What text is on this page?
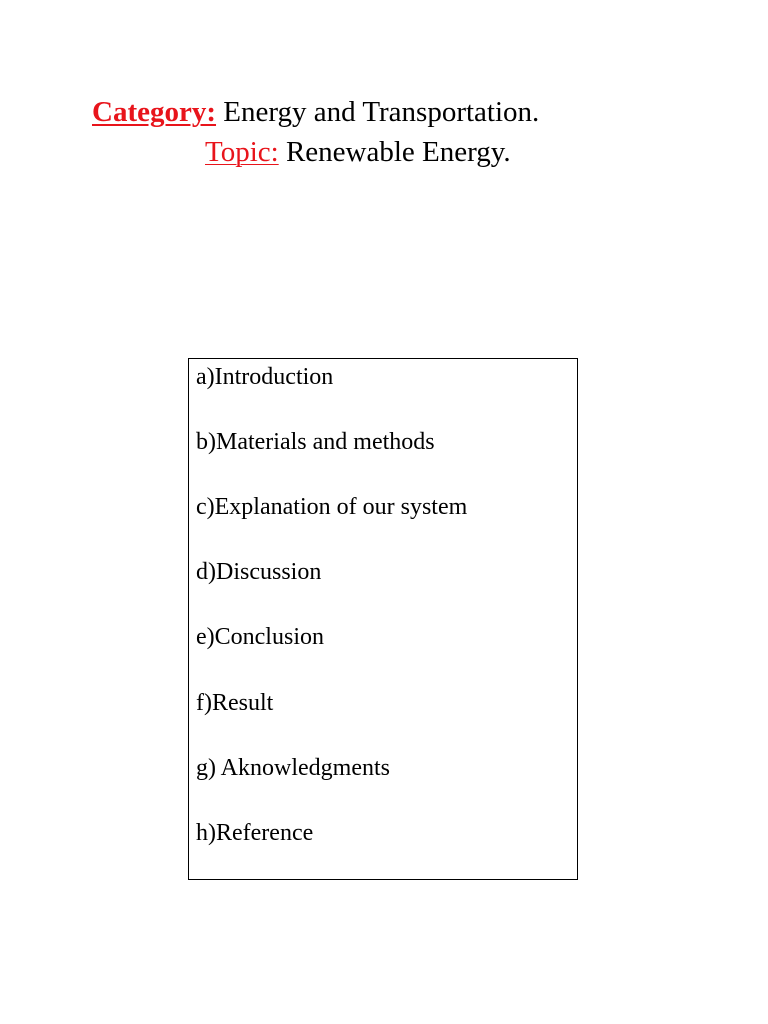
Category: Energy and Transportation.
Topic: Renewable Energy.
a)Introduction
b)Materials and methods
c)Explanation of our system
d)Discussion
e)Conclusion
f)Result
g) Aknowledgments
h)Reference
